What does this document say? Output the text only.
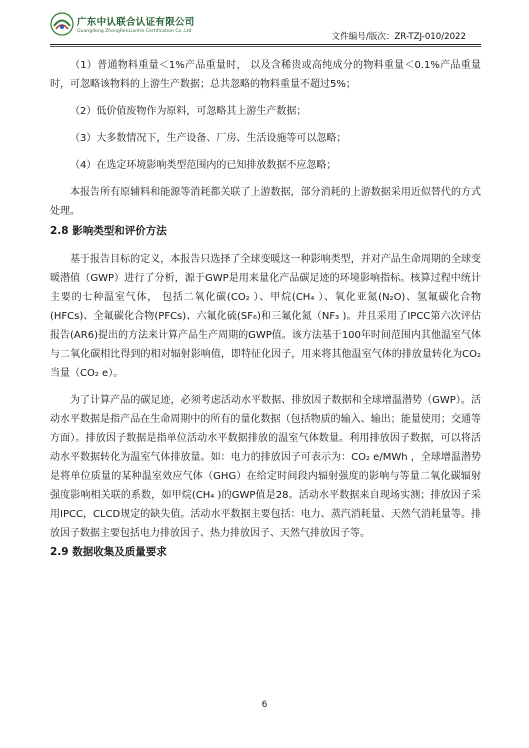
广东中认联合认证有限公司
Guangdong ZhongRenLianHe Certification Co.,Ltd
文件编号/版次：ZR-TZJ-010/2022

（1）普通物料重量＜1%产品重量时， 以及含稀贵或高纯成分的物料重量＜0.1%产品重量时，可忽略该物料的上游生产数据；总共忽略的物料重量不超过5%；

（2）低价值废物作为原料，可忽略其上游生产数据；

（3）大多数情况下，生产设备、厂房、生活设施等可以忽略；

（4）在选定环境影响类型范围内的已知排放数据不应忽略；

本报告所有原辅料和能源等消耗都关联了上游数据，部分消耗的上游数据采用近似替代的方式处理。

2.8 影响类型和评价方法

基于报告目标的定义，本报告只选择了全球变暖这一种影响类型，并对产品生命周期的全球变暖潜值（GWP）进行了分析，源于GWP是用来量化产品碳足迹的环境影响指标。核算过程中统计主要的七种温室气体， 包括二氧化碳(CO₂ ）、甲烷(CH₄ ）、氧化亚氮(N₂O)、氢氟碳化合物(HFCs)、全氟碳化合物(PFCs)、六氟化硫(SF₆)和三氟化氮（NF₃ )。并且采用了IPCC第六次评估报告(AR6)提出的方法来计算产品生产周期的GWP值。该方法基于100年时间范围内其他温室气体与二氧化碳相比得到的相对辐射影响值，即特征化因子，用来将其他温室气体的排放量转化为CO₂ 当量（CO₂ e）。

为了计算产品的碳足迹，必须考虑活动水平数据、排放因子数据和全球增温潜势（GWP）。活动水平数据是指产品在生命周期中的所有的量化数据（包括物质的输入、输出；能量使用；交通等方面）。排放因子数据是指单位活动水平数据排放的温室气体数量。利用排放因子数据，可以将活动水平数据转化为温室气体排放量。如：电力的排放因子可表示为：CO₂ e/MWh ，全球增温潜势是将单位质量的某种温室效应气体（GHG）在给定时间段内辐射强度的影响与等量二氧化碳辐射强度影响相关联的系数，如甲烷(CH₄ )的GWP值是28。活动水平数据来自现场实测；排放因子采用IPCC，CLCD规定的缺失值。活动水平数据主要包括：电力、蒸汽消耗量、天然气消耗量等。排放因子数据主要包括电力排放因子、热力排放因子、天然气排放因子等。

2.9 数据收集及质量要求

6
